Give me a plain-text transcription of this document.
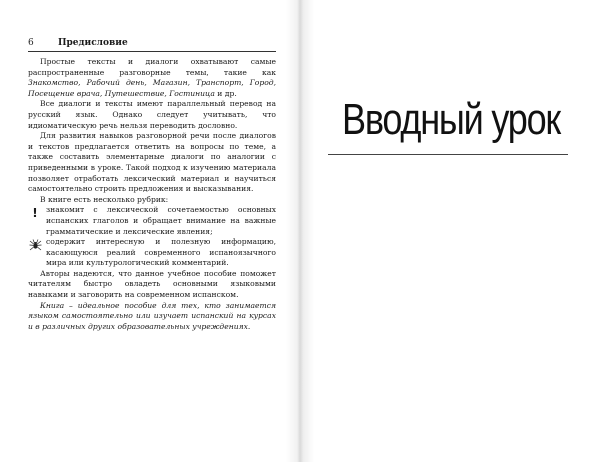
6	Предисловие

Простые тексты и диалоги охватывают самые распространенные разговорные темы, такие как Знакомство, Рабочий день, Магазин, Транспорт, Город, Посещение врача, Путешествие, Гостиница и др.

Все диалоги и тексты имеют параллельный перевод на русский язык. Однако следует учитывать, что идиоматическую речь нельзя переводить дословно.

Для развития навыков разговорной речи после диалогов и текстов предлагается ответить на вопросы по теме, а также составить элементарные диалоги по аналогии с приведенными в уроке. Такой подход к изучению материала позволяет отработать лексический материал и научиться самостоятельно строить предложения и высказывания.

В книге есть несколько рубрик:

! знакомит с лексической сочетаемостью основных испанских глаголов и обращает внимание на важные грамматические и лексические явления;

содержит интересную и полезную информацию, касающуюся реалий современного испаноязычного мира или культурологический комментарий.

Авторы надеются, что данное учебное пособие поможет читателям быстро овладеть основными языковыми навыками и заговорить на современном испанском.

Книга – идеальное пособие для тех, кто занимается языком самостоятельно или изучает испанский на курсах и в различных других образовательных учреждениях.

Вводный урок
